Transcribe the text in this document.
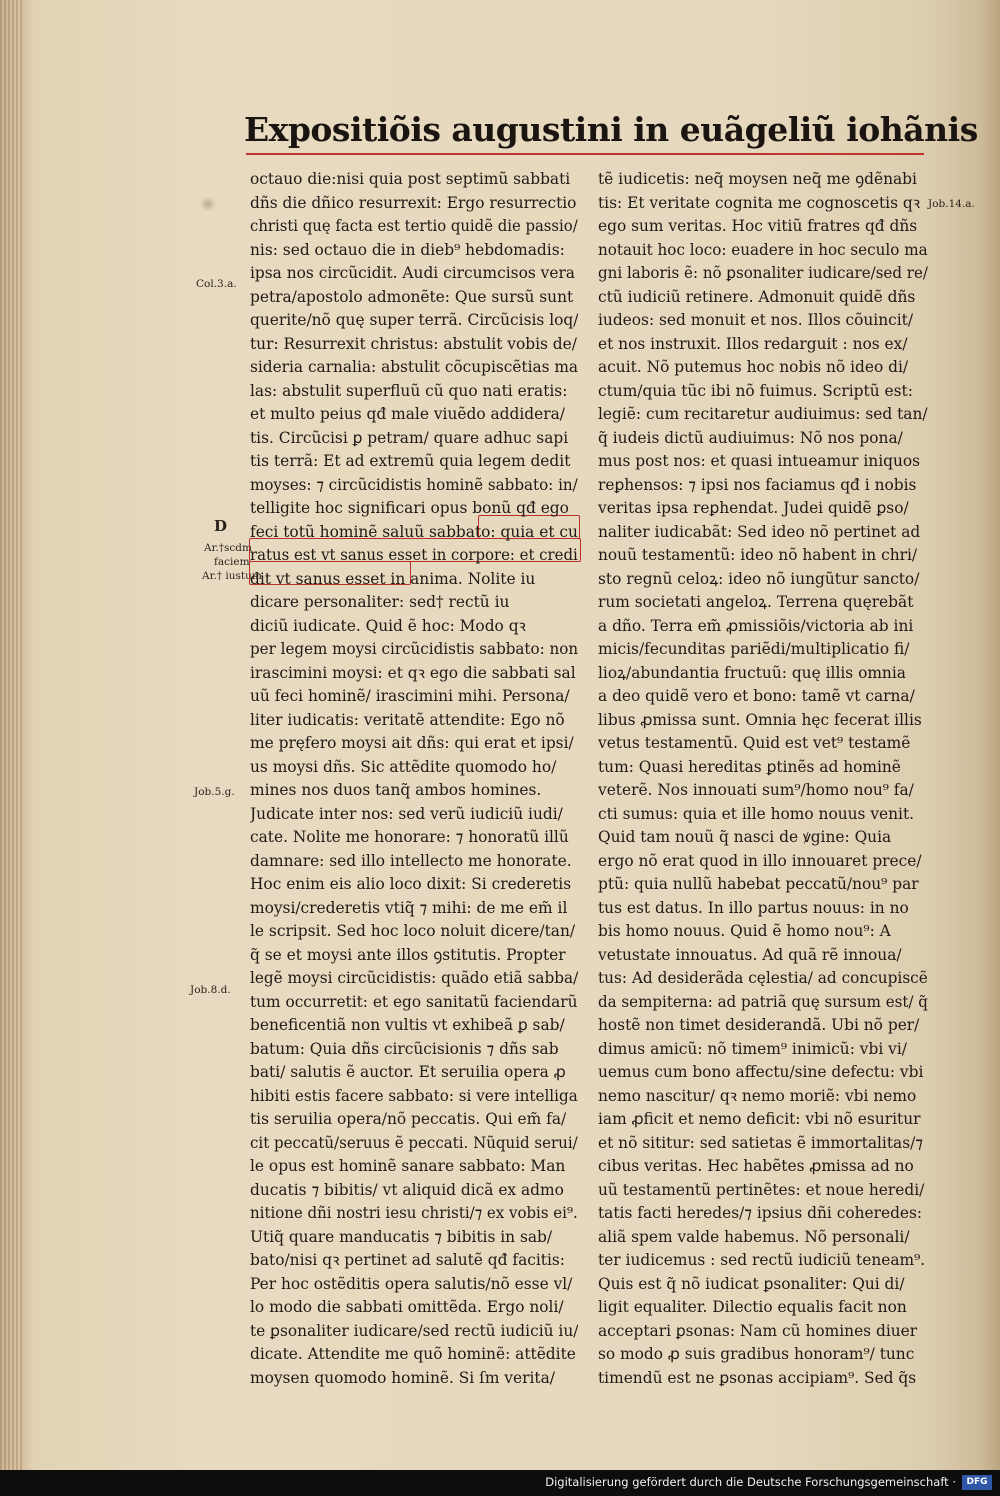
Expositiõis augustini in euãgeliũ iohãnis
Col.3.a.
D
Ar.†scdm
faciem
Ar.† iustum
Job.5.g.
Job.8.d.
Job.14.a.
octauo die:nisi quia post septimũ sabbati
dñs die dñico resurrexit: Ergo resurrectio
christi quę facta est tertio quidẽ die passio/
nis: sed octauo die in dieb⁹ hebdomadis:
ipsa nos circũcidit. Audi circumcisos vera
petra/apostolo admonẽte: Que sursũ sunt
querite/nõ quę super terrã. Circũcisis loq/
tur: Resurrexit christus: abstulit vobis de/
sideria carnalia: abstulit cõcupiscẽtias ma
las: abstulit superfluũ cũ quo nati eratis:
et multo peius qđ male viuẽdo addidera/
tis. Circũcisi ꝑ petram/ quare adhuc sapi
tis terrã: Et ad extremũ quia legem dedit
moyses: ⁊ circũcidistis hominẽ sabbato: in/
telligite hoc significari opus bonũ qđ ego
feci totũ hominẽ saluũ sabbato: quia et cu
ratus est vt sanus esset in corpore: et credi
dit vt sanus esset in anima. Nolite iu
dicare personaliter: sed† rectũ iu
diciũ iudicate. Quid ẽ hoc: Modo qꝛ
per legem moysi circũcidistis sabbato: non
irascimini moysi: et qꝛ ego die sabbati sal
uũ feci hominẽ/ irascimini mihi. Persona/
liter iudicatis: veritatẽ attendite: Ego nõ
me pręfero moysi ait dñs: qui erat et ipsi/
us moysi dñs. Sic attẽdite quomodo ho/
mines nos duos tanq̃ ambos homines.
Judicate inter nos: sed verũ iudiciũ iudi/
cate. Nolite me honorare: ⁊ honoratũ illũ
damnare: sed illo intellecto me honorate.
Hoc enim eis alio loco dixit: Si crederetis
moysi/crederetis vtiq̃ ⁊ mihi: de me em̃ il
le scripsit. Sed hoc loco noluit dicere/tan/
q̃ se et moysi ante illos ꝯstitutis. Propter
legẽ moysi circũcidistis: quãdo etiã sabba/
tum occurretit: et ego sanitatũ faciendarũ
beneficentiã non vultis vt exhibeã ꝑ sab/
batum: Quia dñs circũcisionis ⁊ dñs sab
bati/ salutis ẽ auctor. Et seruilia opera ꝓ
hibiti estis facere sabbato: si vere intelliga
tis seruilia opera/nõ peccatis. Qui em̃ fa/
cit peccatũ/seruus ẽ peccati. Nũquid serui/
le opus est hominẽ sanare sabbato: Man
ducatis ⁊ bibitis/ vt aliquid dicã ex admo
nitione dñi nostri iesu christi/⁊ ex vobis ei⁹.
Utiq̃ quare manducatis ⁊ bibitis in sab/
bato/nisi qꝛ pertinet ad salutẽ qđ facitis:
Per hoc ostẽditis opera salutis/nõ esse vl/
lo modo die sabbati omittẽda. Ergo noli/
te ꝑsonaliter iudicare/sed rectũ iudiciũ iu/
dicate. Attendite me quõ hominẽ: attẽdite
moysen quomodo hominẽ. Si ſm verita/
tẽ iudicetis: neq̃ moysen neq̃ me ꝯdẽnabi
tis: Et veritate cognita me cognoscetis qꝛ
ego sum veritas. Hoc vitiũ fratres qđ dñs
notauit hoc loco: euadere in hoc seculo ma
gni laboris ẽ: nõ ꝑsonaliter iudicare/sed re/
ctũ iudiciũ retinere. Admonuit quidẽ dñs
iudeos: sed monuit et nos. Illos cõuincit/
et nos instruxit. Illos redarguit : nos ex/
acuit. Nõ putemus hoc nobis nõ ideo di/
ctum/quia tũc ibi nõ fuimus. Scriptũ est:
legiẽ: cum recitaretur audiuimus: sed tan/
q̃ iudeis dictũ audiuimus: Nõ nos pona/
mus post nos: et quasi intueamur iniquos
reꝑhensos: ⁊ ipsi nos faciamus qđ i nobis
veritas ipsa reꝑhendat. Judei quidẽ ꝑso/
naliter iudicabãt: Sed ideo nõ pertinet ad
nouũ testamentũ: ideo nõ habent in chri/
sto regnũ celoꝝ: ideo nõ iungũtur sancto/
rum societati angeloꝝ. Terrena quęrebãt
a dño. Terra em̃ ꝓmissiõis/victoria ab ini
micis/fecunditas pariẽdi/multiplicatio fi/
lioꝝ/abundantia fructuũ: quę illis omnia
a deo quidẽ vero et bono: tamẽ vt carna/
libus ꝓmissa sunt. Omnia hęc fecerat illis
vetus testamentũ. Quid est vet⁹ testamẽ
tum: Quasi hereditas ꝑtinẽs ad hominẽ
veterẽ. Nos innouati sum⁹/homo nou⁹ fa/
cti sumus: quia et ille homo nouus venit.
Quid tam nouũ q̃ nasci de ꝟgine: Quia
ergo nõ erat quod in illo innouaret prece/
ptũ: quia nullũ habebat peccatũ/nou⁹ par
tus est datus. In illo partus nouus: in no
bis homo nouus. Quid ẽ homo nou⁹: A
vetustate innouatus. Ad quã rẽ innoua/
tus: Ad desiderãda cęlestia/ ad concupiscẽ
da sempiterna: ad patriã quę sursum est/ q̃
hostẽ non timet desiderandã. Ubi nõ per/
dimus amicũ: nõ timem⁹ inimicũ: vbi vi/
uemus cum bono affectu/sine defectu: vbi
nemo nascitur/ qꝛ nemo moriẽ: vbi nemo
iam ꝓficit et nemo deficit: vbi nõ esuritur
et nõ sititur: sed satietas ẽ immortalitas/⁊
cibus veritas. Hec habẽtes ꝓmissa ad no
uũ testamentũ pertinẽtes: et noue heredi/
tatis facti heredes/⁊ ipsius dñi coheredes:
aliã spem valde habemus. Nõ personali/
ter iudicemus : sed rectũ iudiciũ teneam⁹.
Quis est q̃ nõ iudicat ꝑsonaliter: Qui di/
ligit equaliter. Dilectio equalis facit non
acceptari ꝑsonas: Nam cũ homines diuer
so modo ꝓ suis gradibus honoram⁹/ tunc
timendũ est ne ꝑsonas accipiam⁹. Sed q̃s
Digitalisierung gefördert durch die Deutsche Forschungsgemeinschaft ·	DFG
